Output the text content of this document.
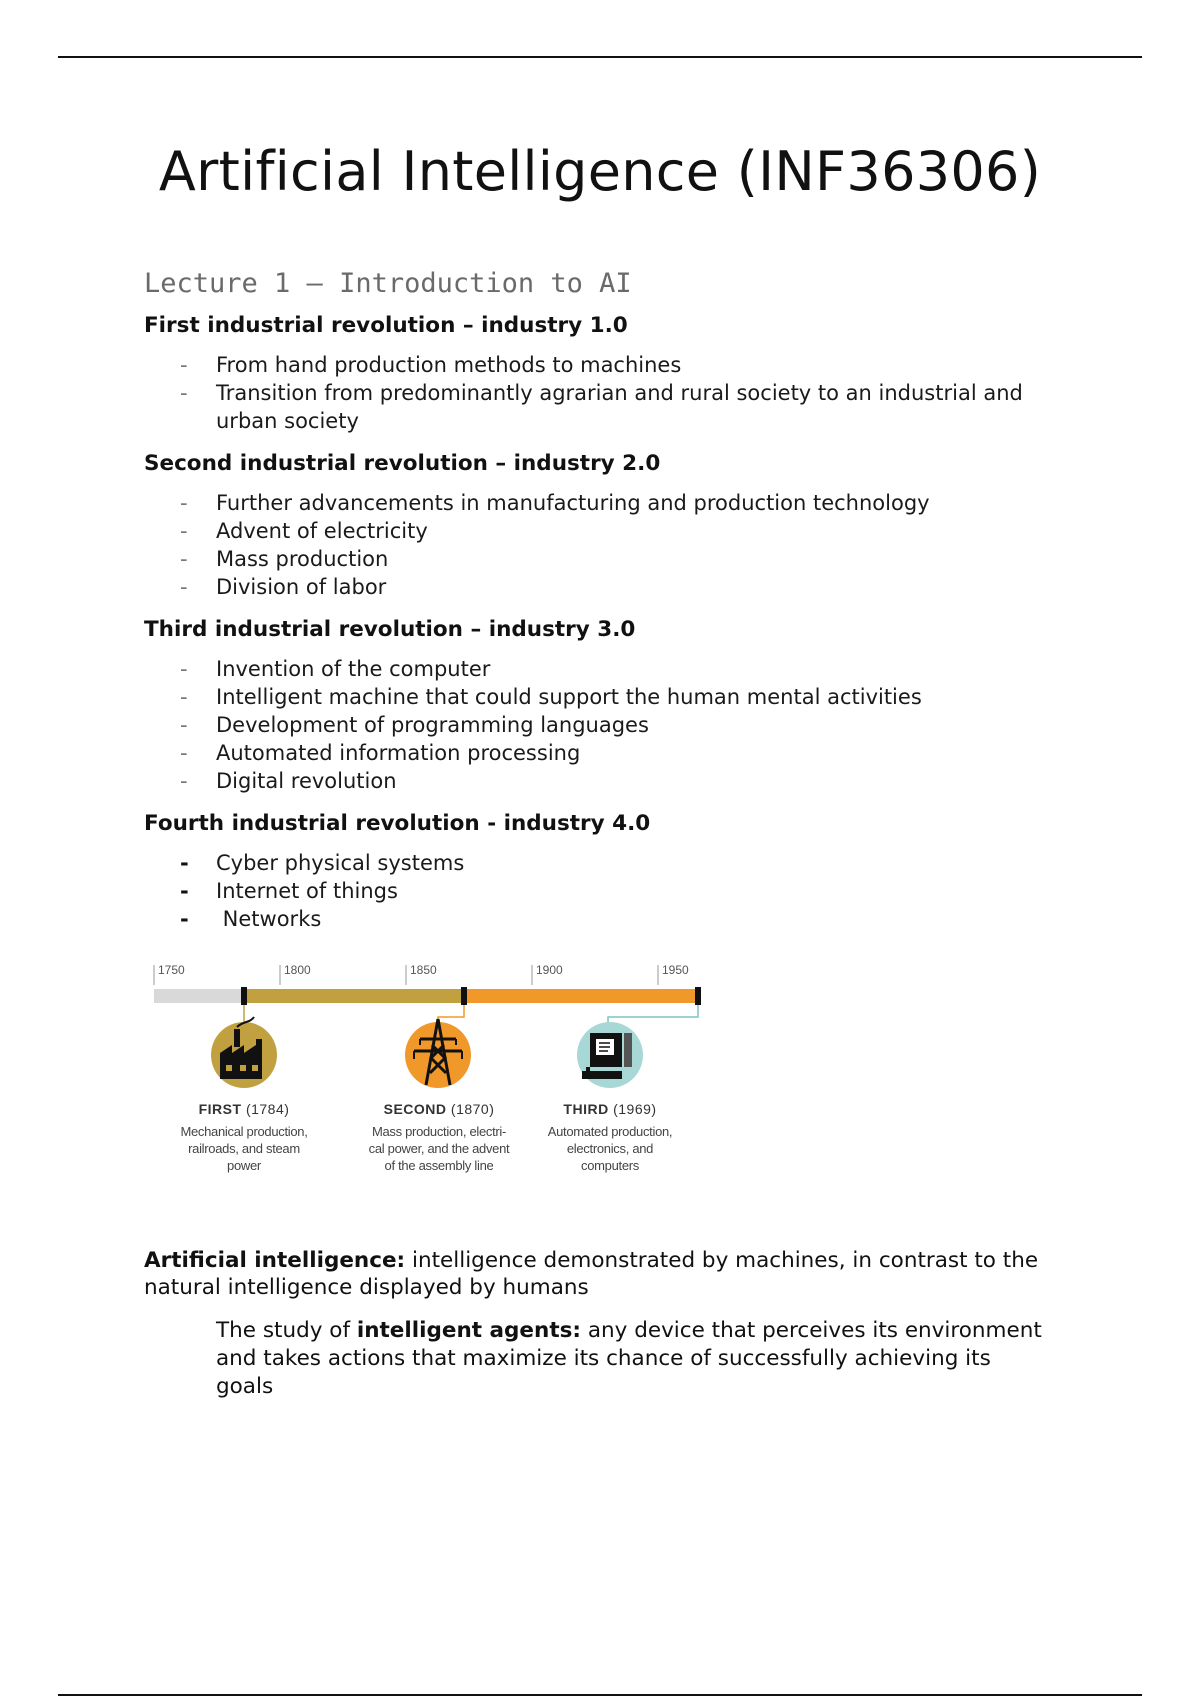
Artificial Intelligence (INF36306)
Lecture 1 – Introduction to AI
First industrial revolution – industry 1.0
- From hand production methods to machines
- Transition from predominantly agrarian and rural society to an industrial and urban society
Second industrial revolution – industry 2.0
- Further advancements in manufacturing and production technology
- Advent of electricity
- Mass production
- Division of labor
Third industrial revolution – industry 3.0
- Invention of the computer
- Intelligent machine that could support the human mental activities
- Development of programming languages
- Automated information processing
- Digital revolution
Fourth industrial revolution - industry 4.0
- Cyber physical systems
- Internet of things
- Networks
1750	1800	1850	1900	1950
FIRST (1784)
Mechanical production,
railroads, and steam
power
SECOND (1870)
Mass production, electri-
cal power, and the advent
of the assembly line
THIRD (1969)
Automated production,
electronics, and
computers

Artificial intelligence: intelligence demonstrated by machines, in contrast to the natural intelligence displayed by humans

The study of intelligent agents: any device that perceives its environment and takes actions that maximize its chance of successfully achieving its goals
